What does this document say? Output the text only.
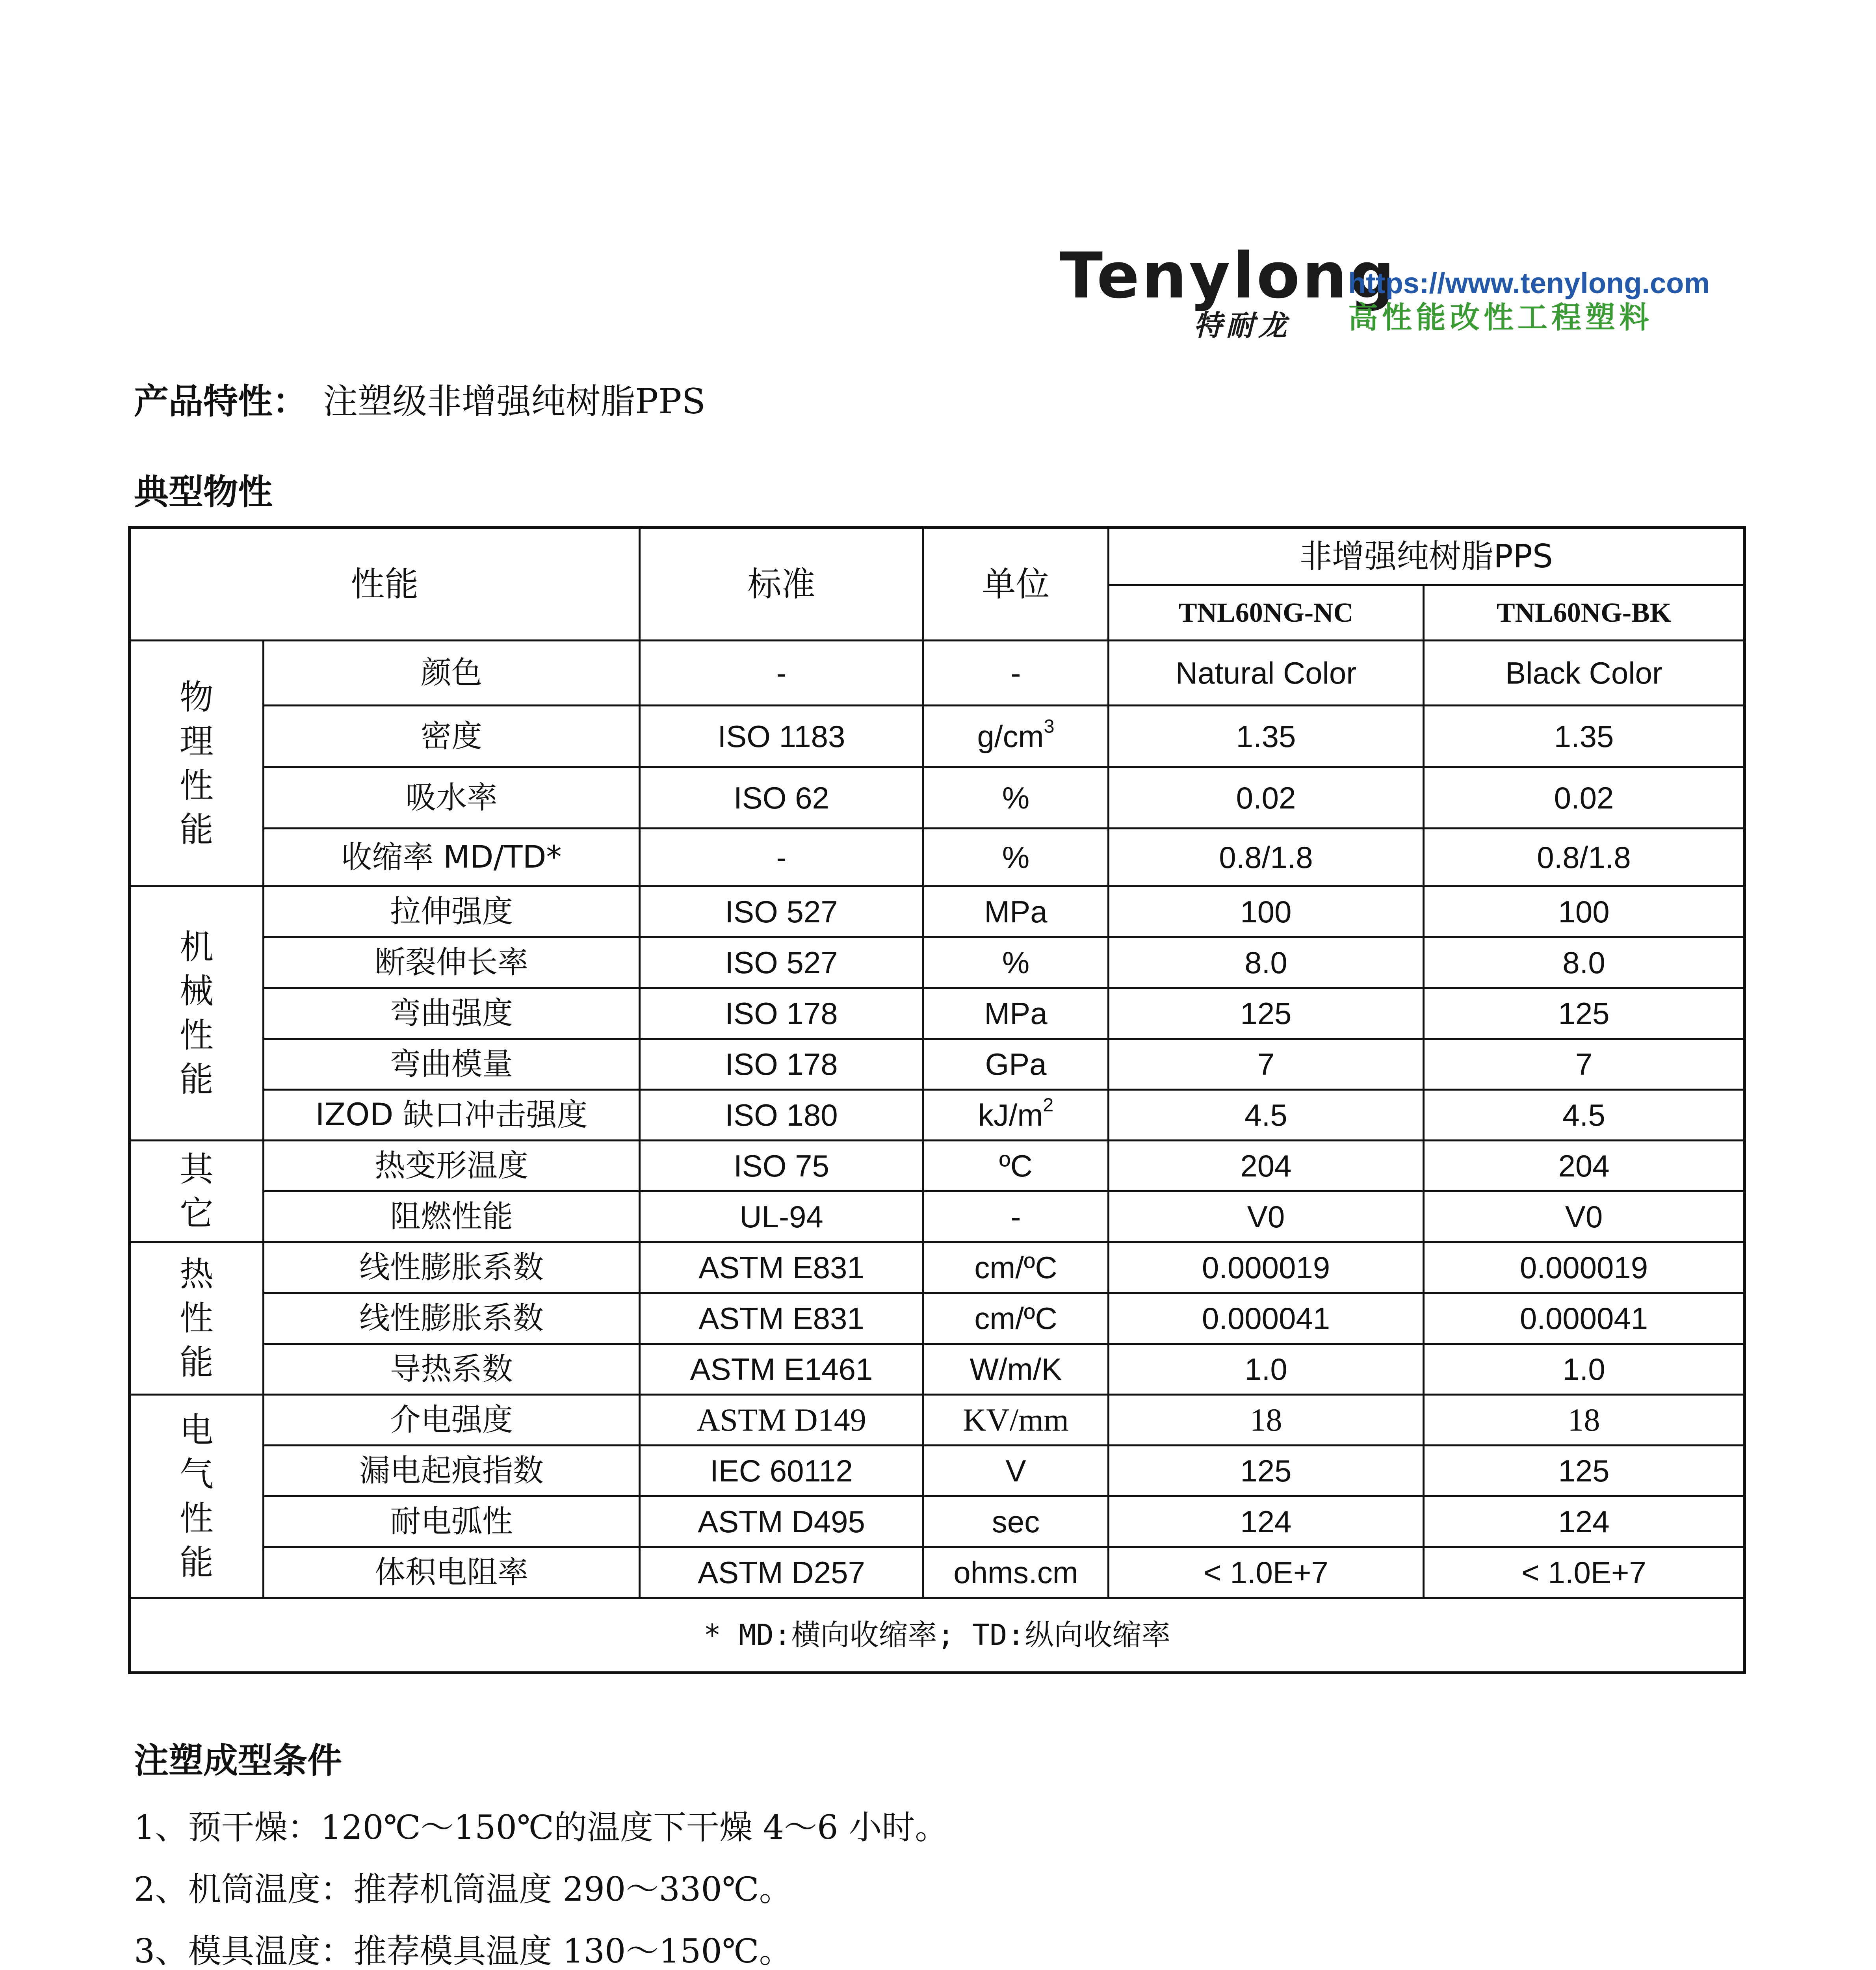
Tenylong
特耐龙
https://www.tenylong.com
高性能改性工程塑料
产品特性： 注塑级非增强纯树脂PPS
典型物性
性能		标准	单位	非增强纯树脂PPS	
				TNL60NG-NC	TNL60NG-BK

物
理
性
能	颜色	-	-	Natural Color	Black Color
	密度	ISO 1183	$g/cm^3$	1.35	1.35
	吸水率	ISO 62	%	0.02	0.02
	收缩率 MD/TD*	-	%	0.8/1.8	0.8/1.8

机
械
性
能	拉伸强度	ISO 527	MPa	100	100
	断裂伸长率	ISO 527	%	8.0	8.0
	弯曲强度	ISO 178	MPa	125	125
	弯曲模量	ISO 178	GPa	7	7
	IZOD 缺口冲击强度	ISO 180	$kJ/m^2$	4.5	4.5

其
它	热变形温度	ISO 75	ºC	204	204
	阻燃性能	UL-94	-	V0	V0

热
性
能	线性膨胀系数	ASTM E831	cm/ºC	0.000019	0.000019
	线性膨胀系数	ASTM E831	cm/ºC	0.000041	0.000041
	导热系数	ASTM E1461	W/m/K	1.0	1.0

电
气
性
能	介电强度	ASTM D149	KV/mm	18	18
	漏电起痕指数	IEC 60112	V	125	125
	耐电弧性	ASTM D495	sec	124	124
	体积电阻率	ASTM D257	ohms.cm	< 1.0E+7	< 1.0E+7
* MD:横向收缩率; TD:纵向收缩率					
注塑成型条件

1、预干燥：120℃～150℃的温度下干燥 4～6 小时。

2、机筒温度：推荐机筒温度 290～330℃。

3、模具温度：推荐模具温度 130～150℃。
